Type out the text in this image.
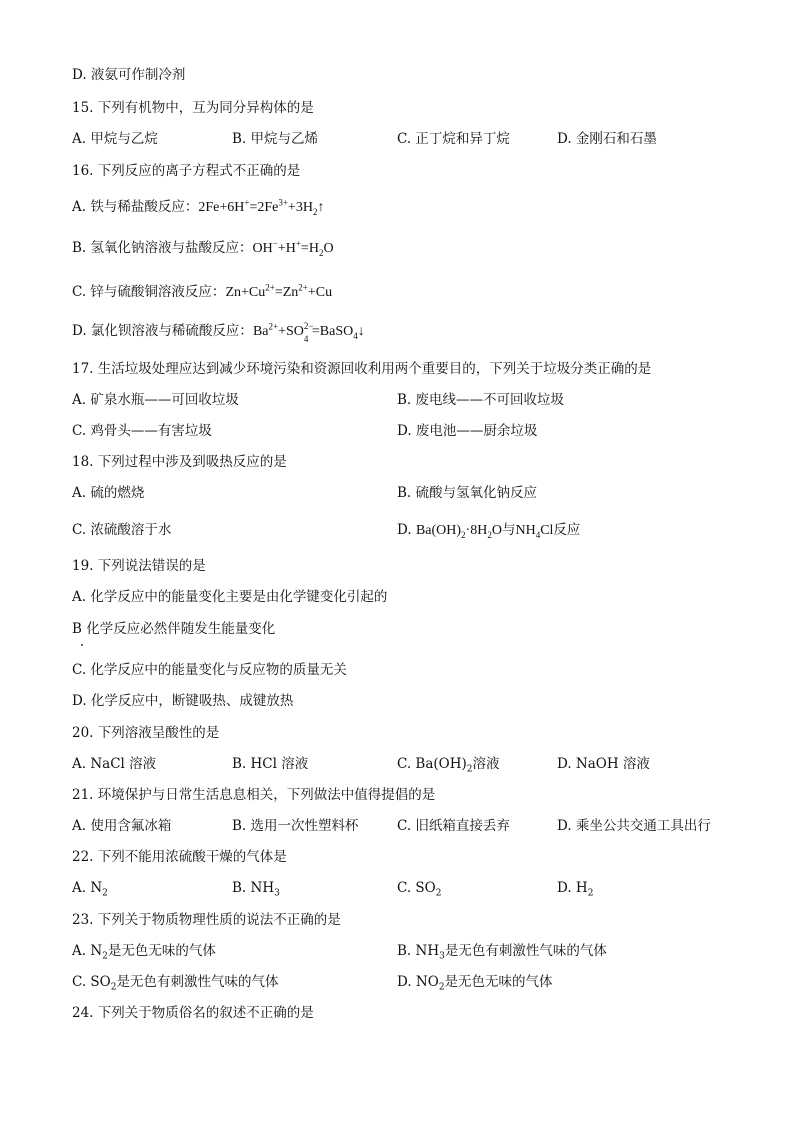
D. 液氨可作制冷剂
15. 下列有机物中，互为同分异构体的是
A. 甲烷与乙烷	B. 甲烷与乙烯	C. 正丁烷和异丁烷	D. 金刚石和石墨
16. 下列反应的离子方程式不正确的是
A. 铁与稀盐酸反应：$2Fe+6H^+=2Fe^{3+}+3H_2↑$
B. 氢氧化钠溶液与盐酸反应：$OH^-+H^+=H_2O$
C. 锌与硫酸铜溶液反应：$Zn+Cu^{2+}=Zn^{2+}+Cu$
D. 氯化钡溶液与稀硫酸反应：$Ba^{2+}+SO$ 2−
4 =BaSO$_4$↓
17. 生活垃圾处理应达到减少环境污染和资源回收利用两个重要目的，下列关于垃圾分类正确的是
A. 矿泉水瓶——可回收垃圾	B. 废电线——不可回收垃圾
C. 鸡骨头——有害垃圾	D. 废电池——厨余垃圾
18. 下列过程中涉及到吸热反应的是
A. 硫的燃烧	B. 硫酸与氢氧化钠反应
C. 浓硫酸溶于水	D. $Ba(OH)_2\cdot 8H_2O$与$NH_4Cl$反应
19. 下列说法错误的是
A. 化学反应中的能量变化主要是由化学键变化引起的
B 化学反应必然伴随发生能量变化
C. 化学反应中的能量变化与反应物的质量无关
D. 化学反应中，断键吸热、成键放热
20. 下列溶液呈酸性的是
A. NaCl 溶液	B. HCl 溶液	C. $Ba(OH)_2$溶液	D. NaOH 溶液
21. 环境保护与日常生活息息相关，下列做法中值得提倡的是
A. 使用含氟冰箱	B. 选用一次性塑料杯	C. 旧纸箱直接丢弃	D. 乘坐公共交通工具出行
22. 下列不能用浓硫酸干燥的气体是
A. $N_2$	B. $NH_3$	C. $SO_2$	D. $H_2$
23. 下列关于物质物理性质的说法不正确的是
A. $N_2$是无色无味的气体	B. $NH_3$是无色有刺激性气味的气体
C. $SO_2$是无色有刺激性气味的气体	D. $NO_2$是无色无味的气体
24. 下列关于物质俗名的叙述不正确的是
